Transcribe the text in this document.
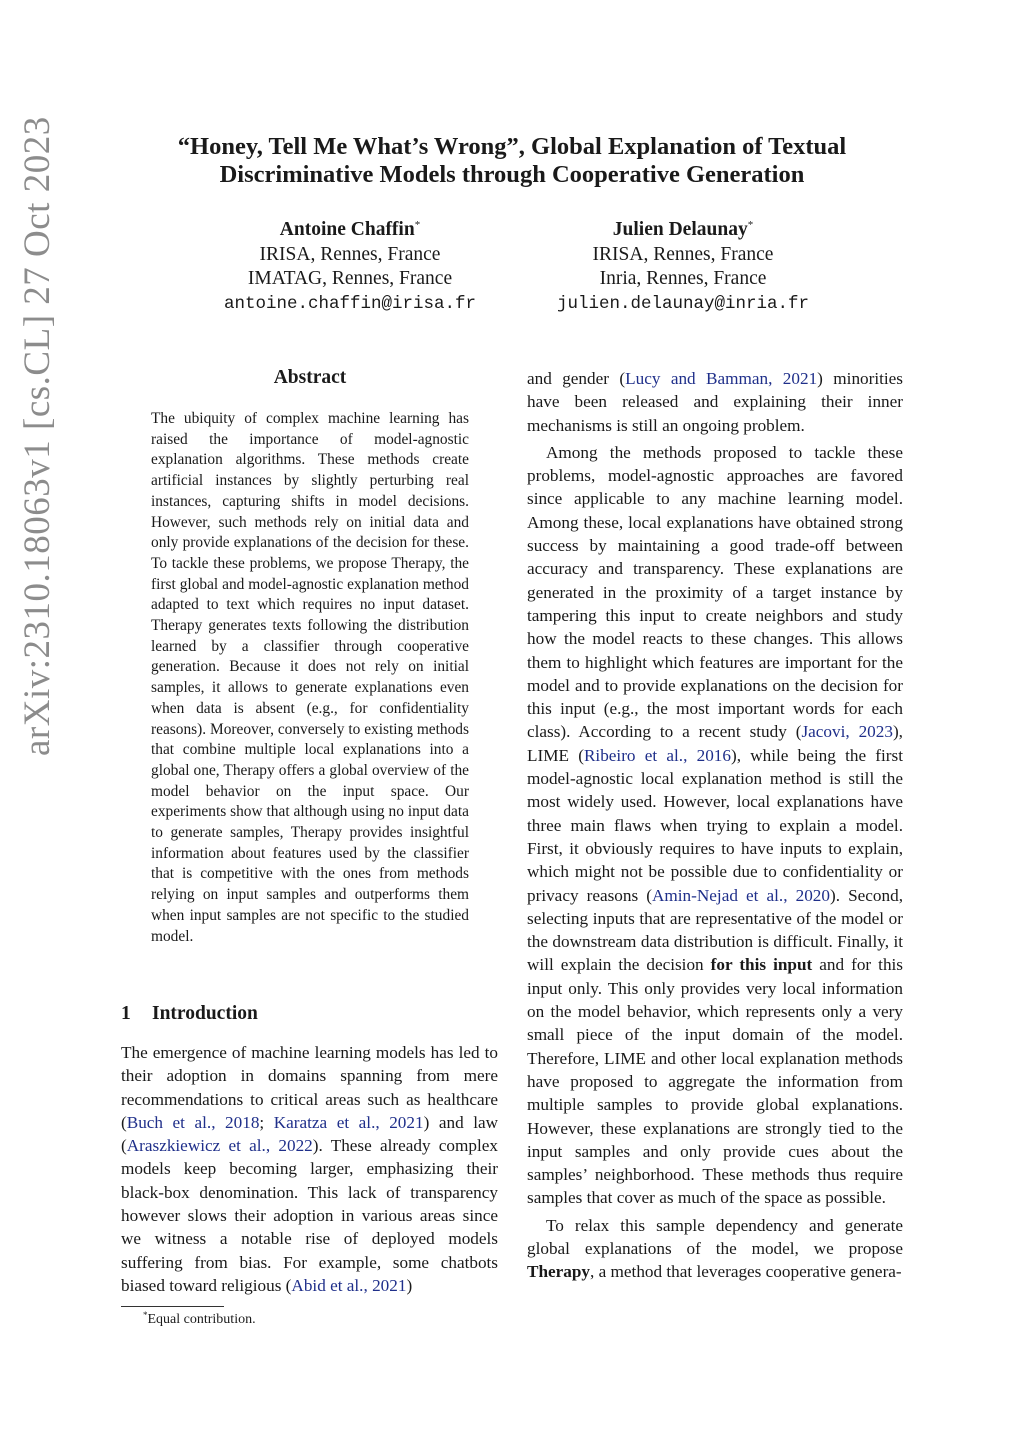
arXiv:2310.18063v1 [cs.CL] 27 Oct 2023	“Honey, Tell Me What’s Wrong”, Global Explanation of Textual
Discriminative Models through Cooperative Generation
Antoine Chaffin*
IRISA, Rennes, France
IMATAG, Rennes, France
antoine.chaffin@irisa.fr
Julien Delaunay*
IRISA, Rennes, France
Inria, Rennes, France
julien.delaunay@inria.fr
Abstract
The ubiquity of complex machine learning has raised the importance of model-agnostic explanation algorithms. These methods create artificial instances by slightly perturbing real instances, capturing shifts in model decisions. However, such methods rely on initial data and only provide explanations of the decision for these. To tackle these problems, we propose Therapy, the first global and model-agnostic explanation method adapted to text which requires no input dataset. Therapy generates texts following the distribution learned by a classifier through cooperative generation. Because it does not rely on initial samples, it allows to generate explanations even when data is absent (e.g., for confidentiality reasons). Moreover, conversely to existing methods that combine multiple local explanations into a global one, Therapy offers a global overview of the model behavior on the input space. Our experiments show that although using no input data to generate samples, Therapy provides insightful information about features used by the classifier that is competitive with the ones from methods relying on input samples and outperforms them when input samples are not specific to the studied model.
1 Introduction
The emergence of machine learning models has led to their adoption in domains spanning from mere recommendations to critical areas such as healthcare (Buch et al., 2018; Karatza et al., 2021) and law (Araszkiewicz et al., 2022). These already complex models keep becoming larger, emphasizing their black-box denomination. This lack of transparency however slows their adoption in various areas since we witness a notable rise of deployed models suffering from bias. For example, some chatbots biased toward religious (Abid et al., 2021)
*Equal contribution.

and gender (Lucy and Bamman, 2021) minorities have been released and explaining their inner mechanisms is still an ongoing problem.

Among the methods proposed to tackle these problems, model-agnostic approaches are favored since applicable to any machine learning model. Among these, local explanations have obtained strong success by maintaining a good trade-off between accuracy and transparency. These explanations are generated in the proximity of a target instance by tampering this input to create neighbors and study how the model reacts to these changes. This allows them to highlight which features are important for the model and to provide explanations on the decision for this input (e.g., the most important words for each class). According to a recent study (Jacovi, 2023), LIME (Ribeiro et al., 2016), while being the first model-agnostic local explanation method is still the most widely used. However, local explanations have three main flaws when trying to explain a model. First, it obviously requires to have inputs to explain, which might not be possible due to confidentiality or privacy reasons (Amin-Nejad et al., 2020). Second, selecting inputs that are representative of the model or the downstream data distribution is difficult. Finally, it will explain the decision for this input and for this input only. This only provides very local information on the model behavior, which represents only a very small piece of the input domain of the model. Therefore, LIME and other local explanation methods have proposed to aggregate the information from multiple samples to provide global explanations. However, these explanations are strongly tied to the input samples and only provide cues about the samples’ neighborhood. These methods thus require samples that cover as much of the space as possible.

To relax this sample dependency and generate global explanations of the model, we propose Therapy, a method that leverages cooperative genera-
